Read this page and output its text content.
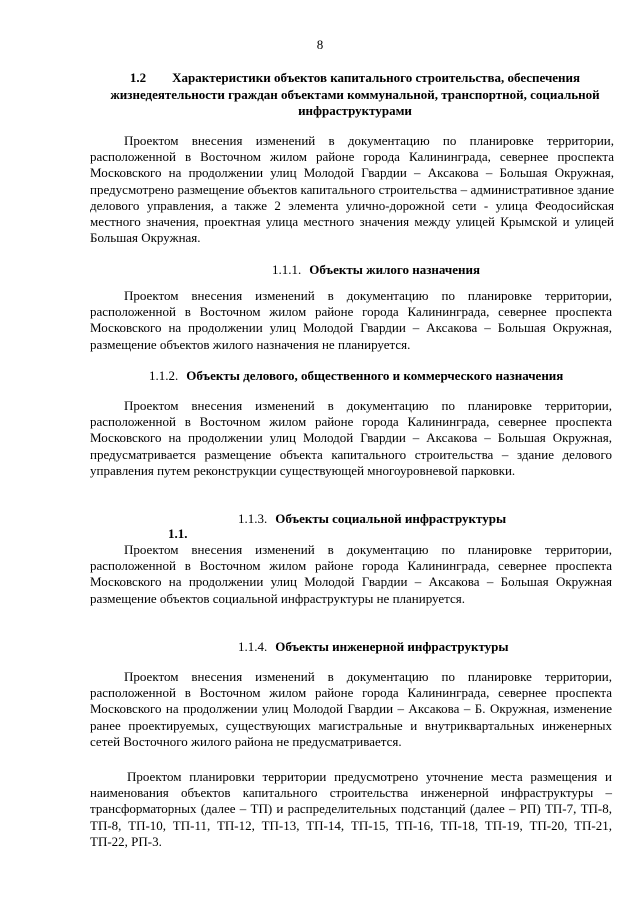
8
1.2 Характеристики объектов капитального строительства, обеспечения жизнедеятельности граждан объектами коммунальной, транспортной, социальной инфраструктурами
Проектом внесения изменений в документацию по планировке территории, расположенной в Восточном жилом районе города Калининграда, севернее проспекта Московского на продолжении улиц Молодой Гвардии – Аксакова – Большая Окружная, предусмотрено размещение объектов капитального строительства – административное здание делового управления, а также 2 элемента улично-дорожной сети - улица Феодосийская местного значения, проектная улица местного значения между улицей Крымской и улицей Большая Окружная.
1.1.1. Объекты жилого назначения
Проектом внесения изменений в документацию по планировке территории, расположенной в Восточном жилом районе города Калининграда, севернее проспекта Московского на продолжении улиц Молодой Гвардии – Аксакова – Большая Окружная, размещение объектов жилого назначения не планируется.
1.1.2. Объекты делового, общественного и коммерческого назначения
Проектом внесения изменений в документацию по планировке территории, расположенной в Восточном жилом районе города Калининграда, севернее проспекта Московского на продолжении улиц Молодой Гвардии – Аксакова – Большая Окружная, предусматривается размещение объекта капитального строительства – здание делового управления путем реконструкции существующей многоуровневой парковки.
1.1.3. Объекты социальной инфраструктуры
1.1.
Проектом внесения изменений в документацию по планировке территории, расположенной в Восточном жилом районе города Калининграда, севернее проспекта Московского на продолжении улиц Молодой Гвардии – Аксакова – Большая Окружная размещение объектов социальной инфраструктуры не планируется.
1.1.4. Объекты инженерной инфраструктуры
Проектом внесения изменений в документацию по планировке территории, расположенной в Восточном жилом районе города Калининграда, севернее проспекта Московского на продолжении улиц Молодой Гвардии – Аксакова – Б. Окружная, изменение ранее проектируемых, существующих магистральные и внутриквартальных инженерных сетей Восточного жилого района не предусматривается.
Проектом планировки территории предусмотрено уточнение места размещения и наименования объектов капитального строительства инженерной инфраструктуры – трансформаторных (далее – ТП) и распределительных подстанций (далее – РП) ТП-7, ТП-8, ТП-8, ТП-10, ТП-11, ТП-12, ТП-13, ТП-14, ТП-15, ТП-16, ТП-18, ТП-19, ТП-20, ТП-21, ТП-22, РП-3.
